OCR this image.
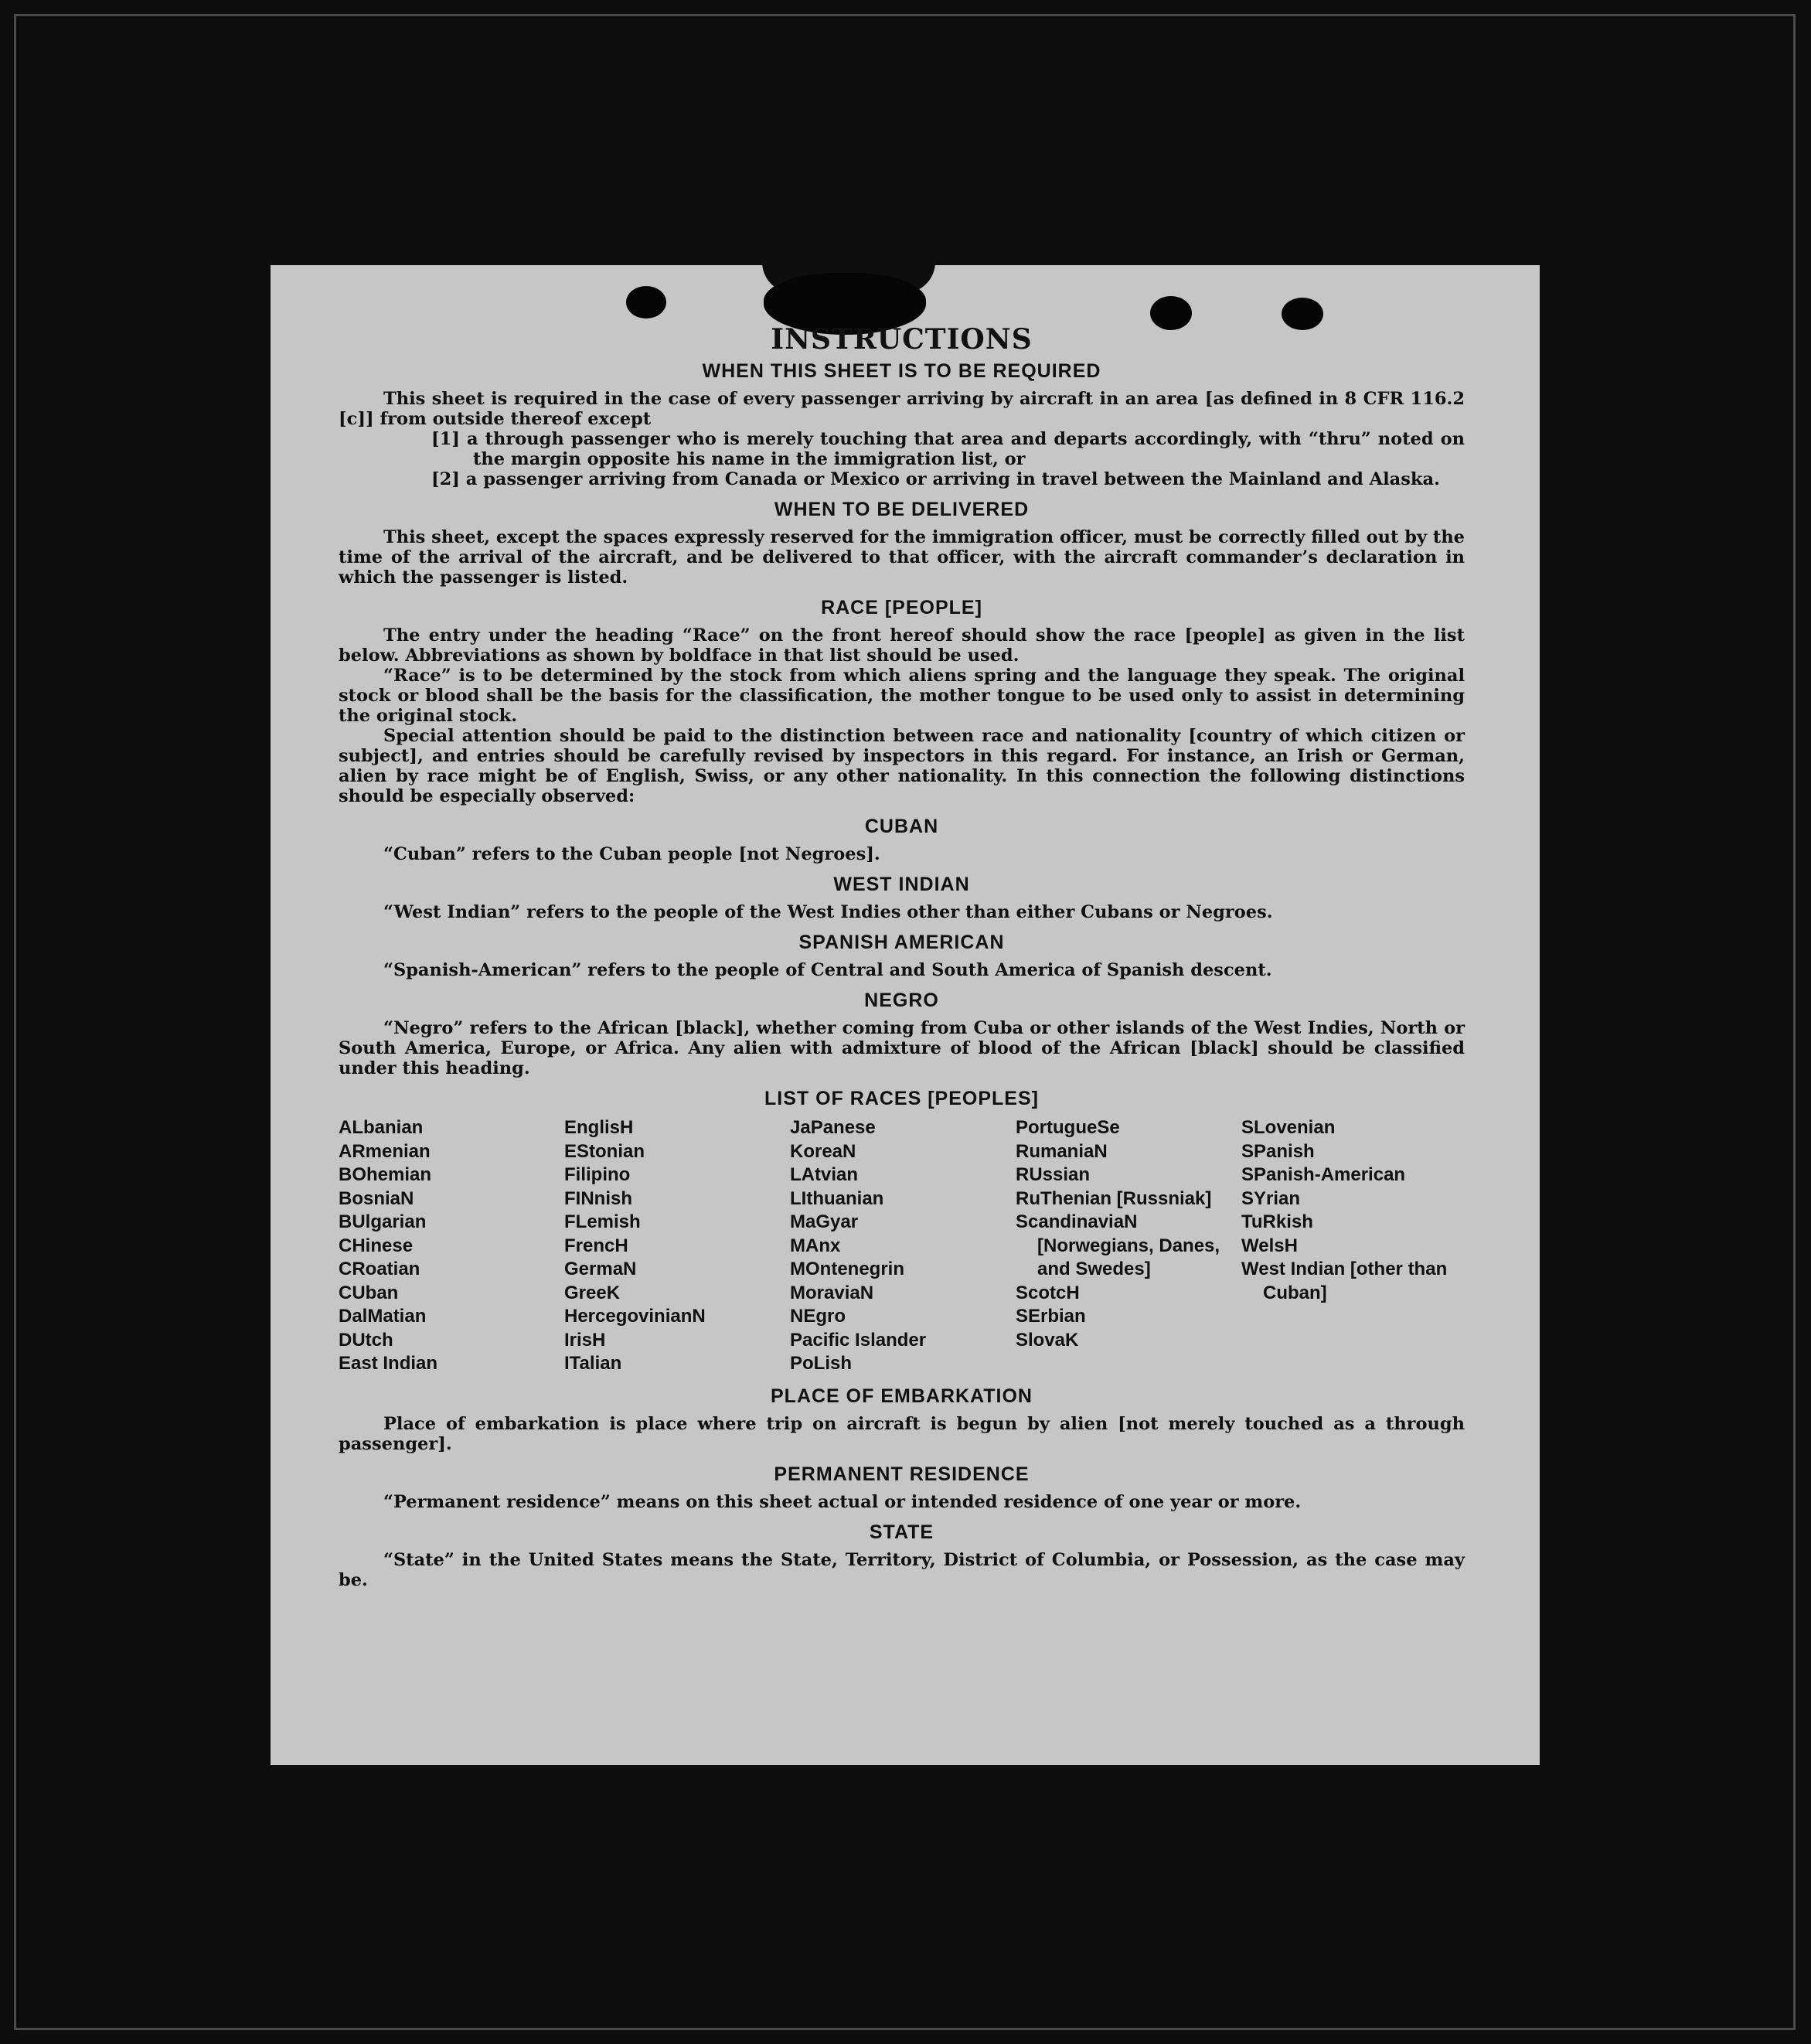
INSTRUCTIONS
WHEN THIS SHEET IS TO BE REQUIRED

This sheet is required in the case of every passenger arriving by aircraft in an area [as defined in 8 CFR 116.2 [c]] from outside thereof except

[1] a through passenger who is merely touching that area and departs accordingly, with “thru” noted on the margin opposite his name in the immigration list, or
[2] a passenger arriving from Canada or Mexico or arriving in travel between the Mainland and Alaska.
WHEN TO BE DELIVERED

This sheet, except the spaces expressly reserved for the immigration officer, must be correctly filled out by the time of the arrival of the aircraft, and be delivered to that officer, with the aircraft commander’s declaration in which the passenger is listed.

RACE [PEOPLE]

The entry under the heading “Race” on the front hereof should show the race [people] as given in the list below. Abbreviations as shown by boldface in that list should be used.

“Race” is to be determined by the stock from which aliens spring and the language they speak. The original stock or blood shall be the basis for the classification, the mother tongue to be used only to assist in determining the original stock.

Special attention should be paid to the distinction between race and nationality [country of which citizen or subject], and entries should be carefully revised by inspectors in this regard. For instance, an Irish or German, alien by race might be of English, Swiss, or any other nationality. In this connection the following distinctions should be especially observed:

CUBAN

“Cuban” refers to the Cuban people [not Negroes].

WEST INDIAN

“West Indian” refers to the people of the West Indies other than either Cubans or Negroes.

SPANISH AMERICAN

“Spanish-American” refers to the people of Central and South America of Spanish descent.

NEGRO

“Negro” refers to the African [black], whether coming from Cuba or other islands of the West Indies, North or South America, Europe, or Africa. Any alien with admixture of blood of the African [black] should be classified under this heading.

LIST OF RACES [PEOPLES]
ALbanian
ARmenian
BOhemian
BosniaN
BUlgarian
CHinese
CRoatian
CUban
DalMatian
DUtch
East Indian
EnglisH
EStonian
Filipino
FINnish
FLemish
FrencH
GermaN
GreeK
HercegovinianN
IrisH
ITalian
JaPanese
KoreaN
LAtvian
LIthuanian
MaGyar
MAnx
MOntenegrin
MoraviaN
NEgro
Pacific Islander
PoLish
PortugueSe
RumaniaN
RUssian
RuThenian [Russniak]
ScandinaviaN [Norwegians, Danes, and Swedes]
ScotcH
SErbian
SlovaK
SLovenian
SPanish
SPanish-American
SYrian
TuRkish
WelsH
West Indian [other than Cuban]
PLACE OF EMBARKATION

Place of embarkation is place where trip on aircraft is begun by alien [not merely touched as a through passenger].

PERMANENT RESIDENCE

“Permanent residence” means on this sheet actual or intended residence of one year or more.

STATE

“State” in the United States means the State, Territory, District of Columbia, or Possession, as the case may be.
